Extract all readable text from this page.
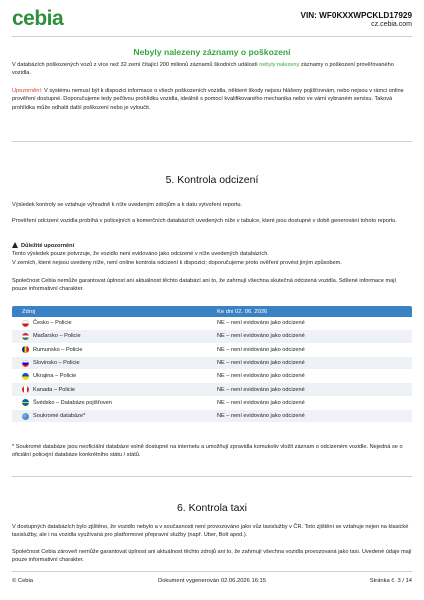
cebia	VIN: WF0KXXWPCKLD17929
cz.cebia.com
Nebyly nalezeny záznamy o poškození
V databázích poškozených vozů z více než 32 zemí čítající 200 milionů záznamů škodních událostí nebyly nalezeny záznamy o poškození prověřovaného vozidla.
Upozornění: V systému nemusí být k dispozici informace o všech poškozeních vozidla, některé škody nejsou hlášeny pojišťovnám, nebo nejsou v rámci online prověření dostupné. Doporučujeme tedy pečlivou prohlídku vozidla, ideálně s pomocí kvalifikovaného mechanika nebo ve vámi vybraném servisu. Taková prohlídka může odhalit další poškození nebo je vyloučit.
5. Kontrola odcizení
Výsledek kontroly se vztahuje výhradně k níže uvedeným zdrojům a k datu vytvoření reportu.
Prověření odcizení vozidla probíhá v policejních a komerčních databázích uvedených níže v tabulce, které jsou dostupné v době generování tohoto reportu.
Důležité upozornění
Tento výsledek pouze potvrzuje, že vozidlo není evidováno jako odcizené v níže uvedených databázích.
V zemích, které nejsou uvedeny níže, není online kontrola odcizení k dispozici; doporučujeme proto ověření provést jiným způsobem.
Společnost Cebia nemůže garantovat úplnost ani aktuálnost těchto databází ani to, že zahrnují všechna skutečná odcizená vozidla. Sdílené informace mají pouze informativní charakter.
Zdroj	Ke dni 02. 06. 2026
Česko – Policie	NE – není evidováno jako odcizené
Maďarsko – Policie	NE – není evidováno jako odcizené
Rumunsko – Policie	NE – není evidováno jako odcizené
Slovinsko – Policie	NE – není evidováno jako odcizené
Ukrajina – Policie	NE – není evidováno jako odcizené
Kanada – Policie	NE – není evidováno jako odcizené
Švédsko – Databáze pojišťoven	NE – není evidováno jako odcizené
Soukromé databáze*	NE – není evidováno jako odcizené
* Soukromé databáze jsou neoficiální databáze volně dostupné na internetu a umožňují zpravidla komukoliv vložit záznam o odcizeném vozidle. Nejedná se o oficiální policejní databáze konkrétního státu / států.
6. Kontrola taxi
V dostupných databázích bylo zjištěno, že vozidlo nebylo a v současnosti není provozováno jako vůz taxislužby v ČR. Toto zjištění se vztahuje nejen na klasické taxislužby, ale i na vozidla využívaná pro platformové přepravní služby (např. Uber, Bolt apod.).
Společnost Cebia zároveň nemůže garantovat úplnost ani aktuálnost těchto zdrojů ani to, že zahrnují všechna vozidla provozovaná jako taxi. Uvedené údaje mají pouze informativní charakter.
© Cebia	Dokument vygenerován 02.06.2026 16:15	Stránka č. 3 / 14
